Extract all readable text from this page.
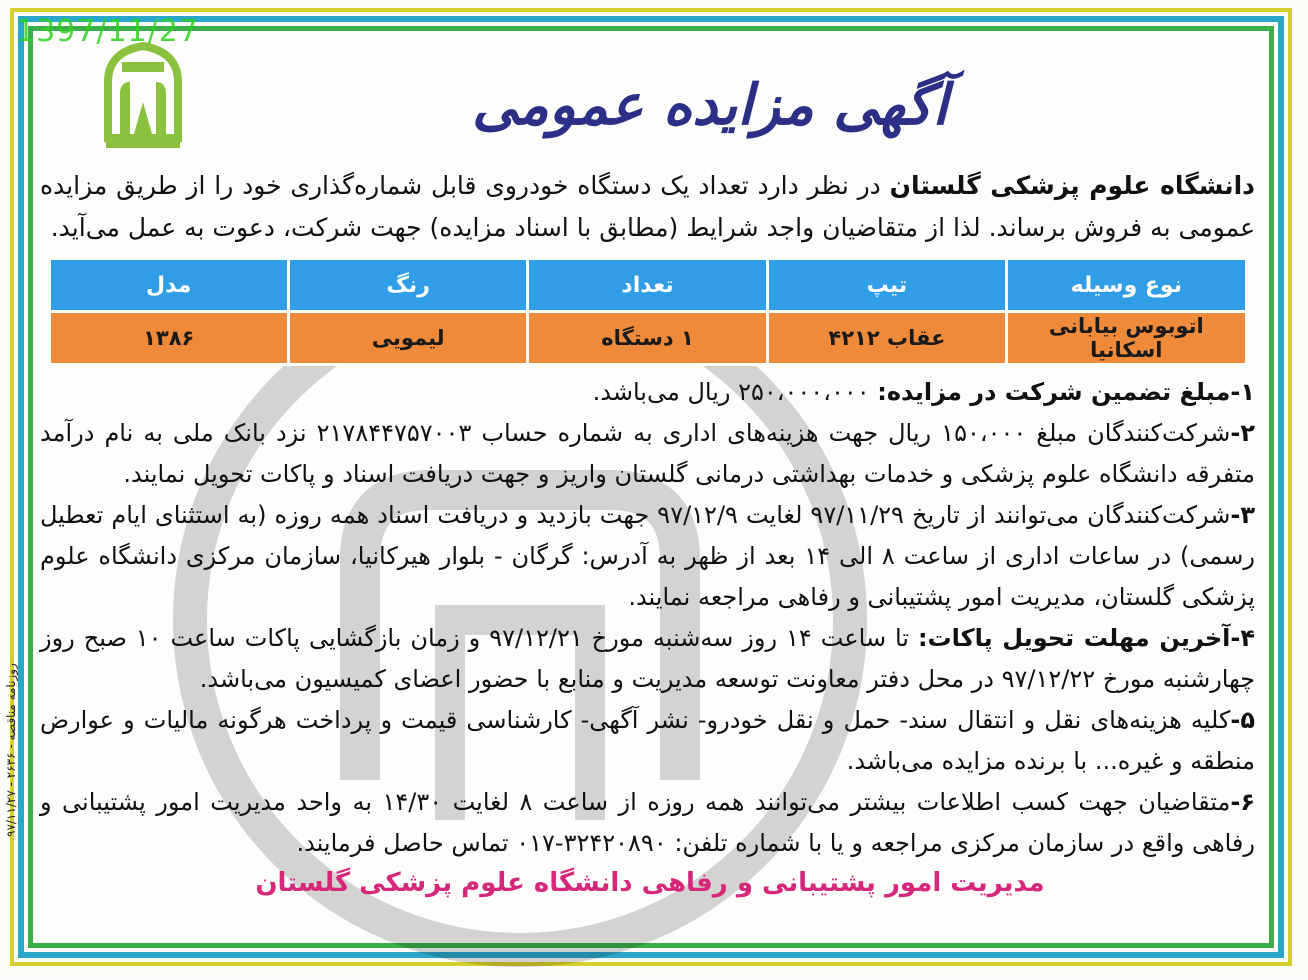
1397/11/27
روزنامه مناقصه - ۲۶۳۶ - ۹۷/۱۱/۲۷
آگهی مزایده عمومی

دانشگاه علوم پزشکی گلستان در نظر دارد تعداد یک دستگاه خودروی قابل شماره‌گذاری خود را از طریق مزایده عمومی به فروش برساند. لذا از متقاضیان واجد شرایط (مطابق با اسناد مزایده) جهت شرکت، دعوت به عمل می‌آید.

نوع وسیله	تیپ	تعداد	رنگ	مدل
اتوبوس بیابانی اسکانیا	عقاب ۴۲۱۲	۱ دستگاه	لیمویی	۱۳۸۶

۱-مبلغ تضمین شرکت در مزایده: ۲۵۰،۰۰۰،۰۰۰ ریال می‌باشد.

۲-شرکت‌کنندگان مبلغ ۱۵۰،۰۰۰ ریال جهت هزینه‌های اداری به شماره حساب ۲۱۷۸۴۴۷۵۷۰۰۳ نزد بانک ملی به نام درآمد متفرقه دانشگاه علوم پزشکی و خدمات بهداشتی درمانی گلستان واریز و جهت دریافت اسناد و پاکات تحویل نمایند.

۳-شرکت‌کنندگان می‌توانند از تاریخ ۹۷/۱۱/۲۹ لغایت ۹۷/۱۲/۹ جهت بازدید و دریافت اسناد همه روزه (به استثنای ایام تعطیل رسمی) در ساعات اداری از ساعت ۸ الی ۱۴ بعد از ظهر به آدرس: گرگان - بلوار هیرکانیا، سازمان مرکزی دانشگاه علوم پزشکی گلستان، مدیریت امور پشتیبانی و رفاهی مراجعه نمایند.

۴-آخرین مهلت تحویل پاکات: تا ساعت ۱۴ روز سه‌شنبه مورخ ۹۷/۱۲/۲۱ و زمان بازگشایی پاکات ساعت ۱۰ صبح روز چهارشنبه مورخ ۹۷/۱۲/۲۲ در محل دفتر معاونت توسعه مدیریت و منابع با حضور اعضای کمیسیون می‌باشد.

۵-کلیه هزینه‌های نقل و انتقال سند- حمل و نقل خودرو- نشر آگهی- کارشناسی قیمت و پرداخت هرگونه مالیات و عوارض منطقه و غیره... با برنده مزایده می‌باشد.

۶-متقاضیان جهت کسب اطلاعات بیشتر می‌توانند همه روزه از ساعت ۸ لغایت ۱۴/۳۰ به واحد مدیریت امور پشتیبانی و رفاهی واقع در سازمان مرکزی مراجعه و یا با شماره تلفن: ۳۲۴۲۰۸۹۰-۰۱۷ تماس حاصل فرمایند.

مدیریت امور پشتیبانی و رفاهی دانشگاه علوم پزشکی گلستان
